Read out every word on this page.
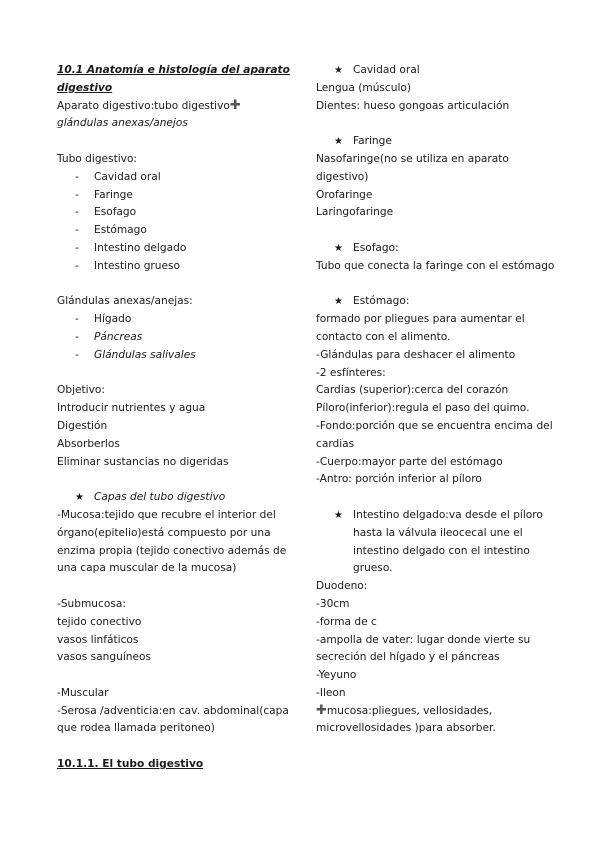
10.1 Anatomía e histología del aparato digestivo
Aparato digestivo:tubo digestivo✚
glándulas anexas/anejos
Tubo digestivo:
- Cavidad oral
- Faringe
- Esofago
- Estómago
- Intestino delgado
- Intestino grueso
Glándulas anexas/anejas:
- Hígado
- Páncreas
- Glándulas salivales
Objetivo:
Introducir nutrientes y agua
Digestión
Absorberlos
Eliminar sustancias no digeridas
★ Capas del tubo digestivo
-Mucosa:tejido que recubre el interior del órgano(epitelio)está compuesto por una enzima propia (tejido conectivo además de una capa muscular de la mucosa)
-Submucosa:
tejido conectivo
vasos linfáticos
vasos sanguíneos
-Muscular
-Serosa /adventicia:en cav. abdominal(capa que rodea llamada peritoneo)
10.1.1. El tubo digestivo
★ Cavidad oral
Lengua (músculo)
Dientes: hueso gongoas articulación
★ Faringe
Nasofaringe(no se utiliza en aparato digestivo)
Orofaringe
Laringofaringe
★ Esofago:
Tubo que conecta la faringe con el estómago
★ Estómago:
formado por pliegues para aumentar el contacto con el alimento.
-Glándulas para deshacer el alimento
-2 esfínteres:
Cardias (superior):cerca del corazón
Píloro(inferior):regula el paso del quimo.
-Fondo:porción que se encuentra encima del cardias
-Cuerpo:mayor parte del estómago
-Antro: porción inferior al píloro
★ Intestino delgado:va desde el píloro hasta la válvula ileocecal une el intestino delgado con el intestino grueso.
Duodeno:
-30cm
-forma de c
-ampolla de vater: lugar donde vierte su secreción del hígado y el páncreas
-Yeyuno
-Ileon
✚mucosa:pliegues, vellosidades, microvellosidades )para absorber.
